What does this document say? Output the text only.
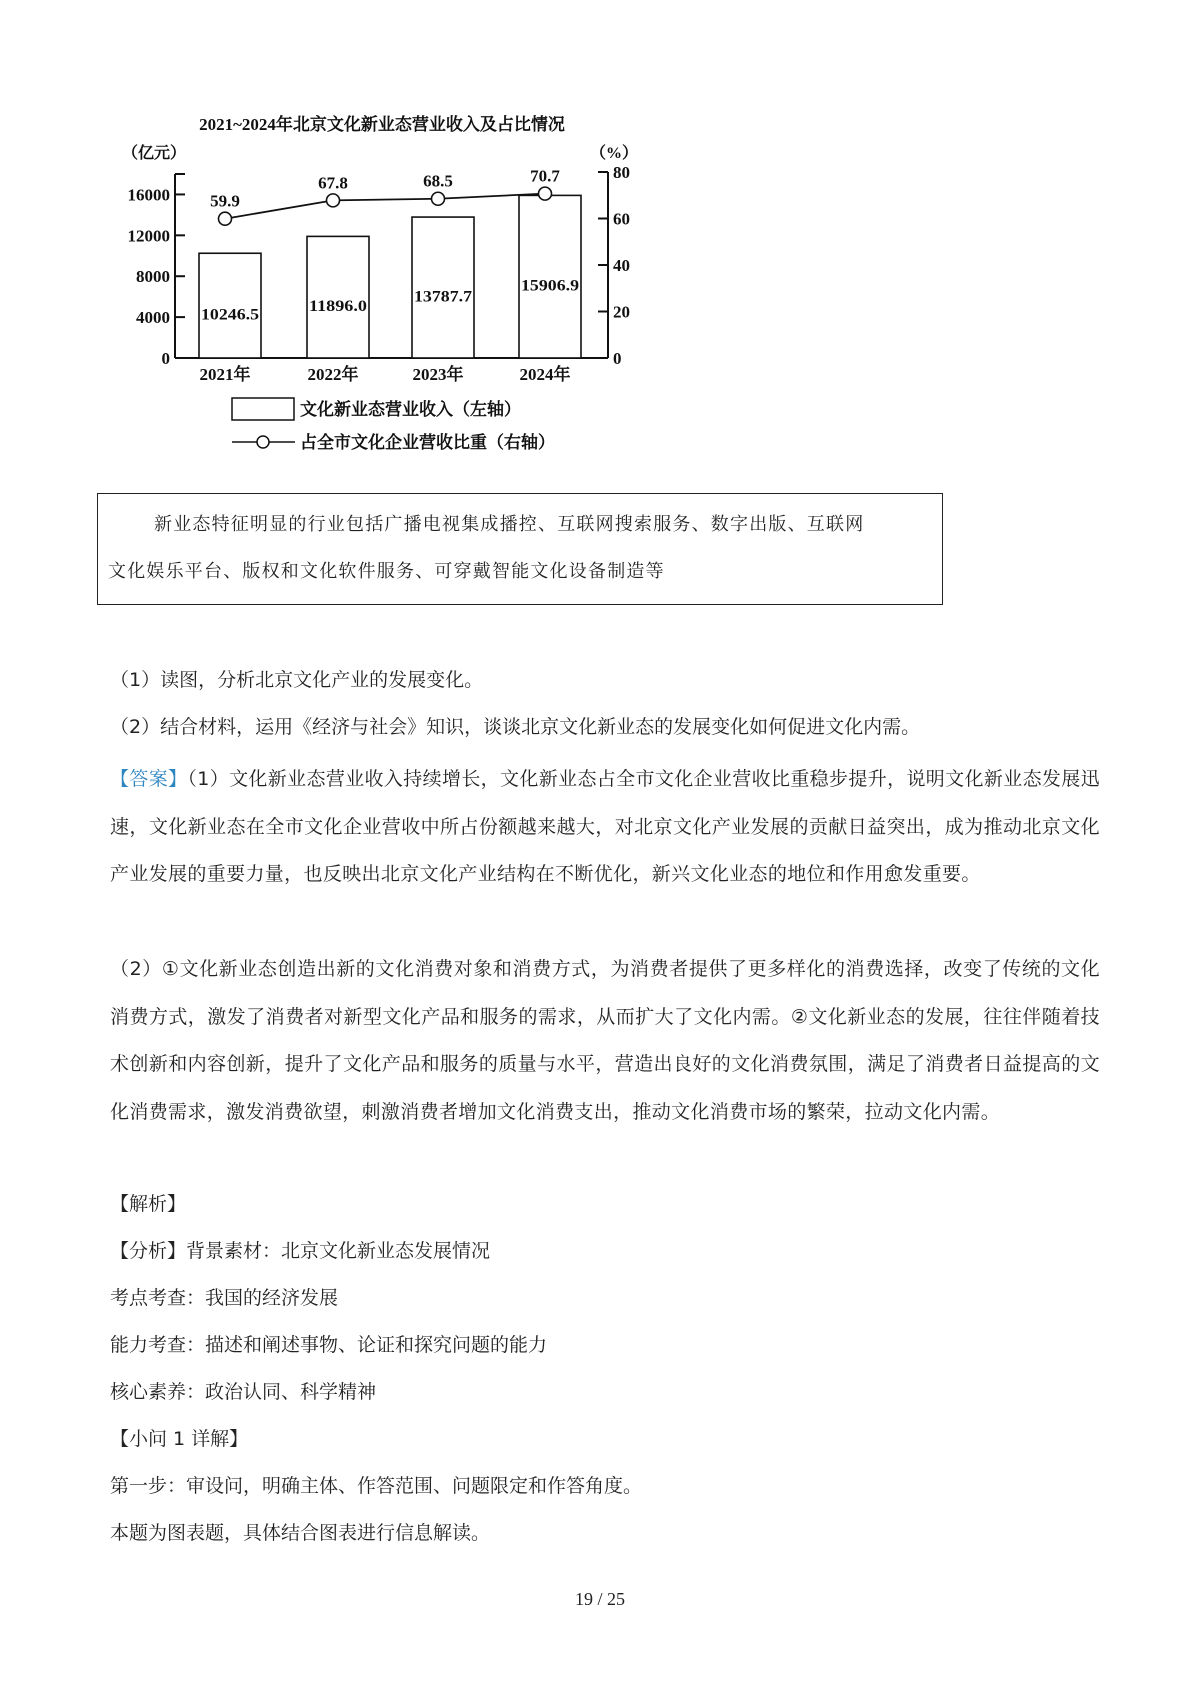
2021~2024年北京文化新业态营业收入及占比情况
（亿元）	（%）
0
4000
8000
12000
16000
0
20
40
60
80
10246.5
2021年
11896.0
2022年
13787.7
2023年
15906.9
2024年
59.9
67.8	68.5	70.7
文化新业态营业收入（左轴）
占全市文化企业营收比重（右轴）
新业态特征明显的行业包括广播电视集成播控、互联网搜索服务、数字出版、互联网
文化娱乐平台、版权和文化软件服务、可穿戴智能文化设备制造等
（1）读图，分析北京文化产业的发展变化。
（2）结合材料，运用《经济与社会》知识，谈谈北京文化新业态的发展变化如何促进文化内需。
【答案】（1）文化新业态营业收入持续增长，文化新业态占全市文化企业营收比重稳步提升，说明文化新业态发展迅速，文化新业态在全市文化企业营收中所占份额越来越大，对北京文化产业发展的贡献日益突出，成为推动北京文化产业发展的重要力量，也反映出北京文化产业结构在不断优化，新兴文化业态的地位和作用愈发重要。
（2）①文化新业态创造出新的文化消费对象和消费方式，为消费者提供了更多样化的消费选择，改变了传统的文化消费方式，激发了消费者对新型文化产品和服务的需求，从而扩大了文化内需。②文化新业态的发展，往往伴随着技术创新和内容创新，提升了文化产品和服务的质量与水平，营造出良好的文化消费氛围，满足了消费者日益提高的文化消费需求，激发消费欲望，刺激消费者增加文化消费支出，推动文化消费市场的繁荣，拉动文化内需。
【解析】
【分析】背景素材：北京文化新业态发展情况
考点考查：我国的经济发展
能力考查：描述和阐述事物、论证和探究问题的能力
核心素养：政治认同、科学精神
【小问 1 详解】
第一步：审设问，明确主体、作答范围、问题限定和作答角度。
本题为图表题，具体结合图表进行信息解读。
19 / 25
